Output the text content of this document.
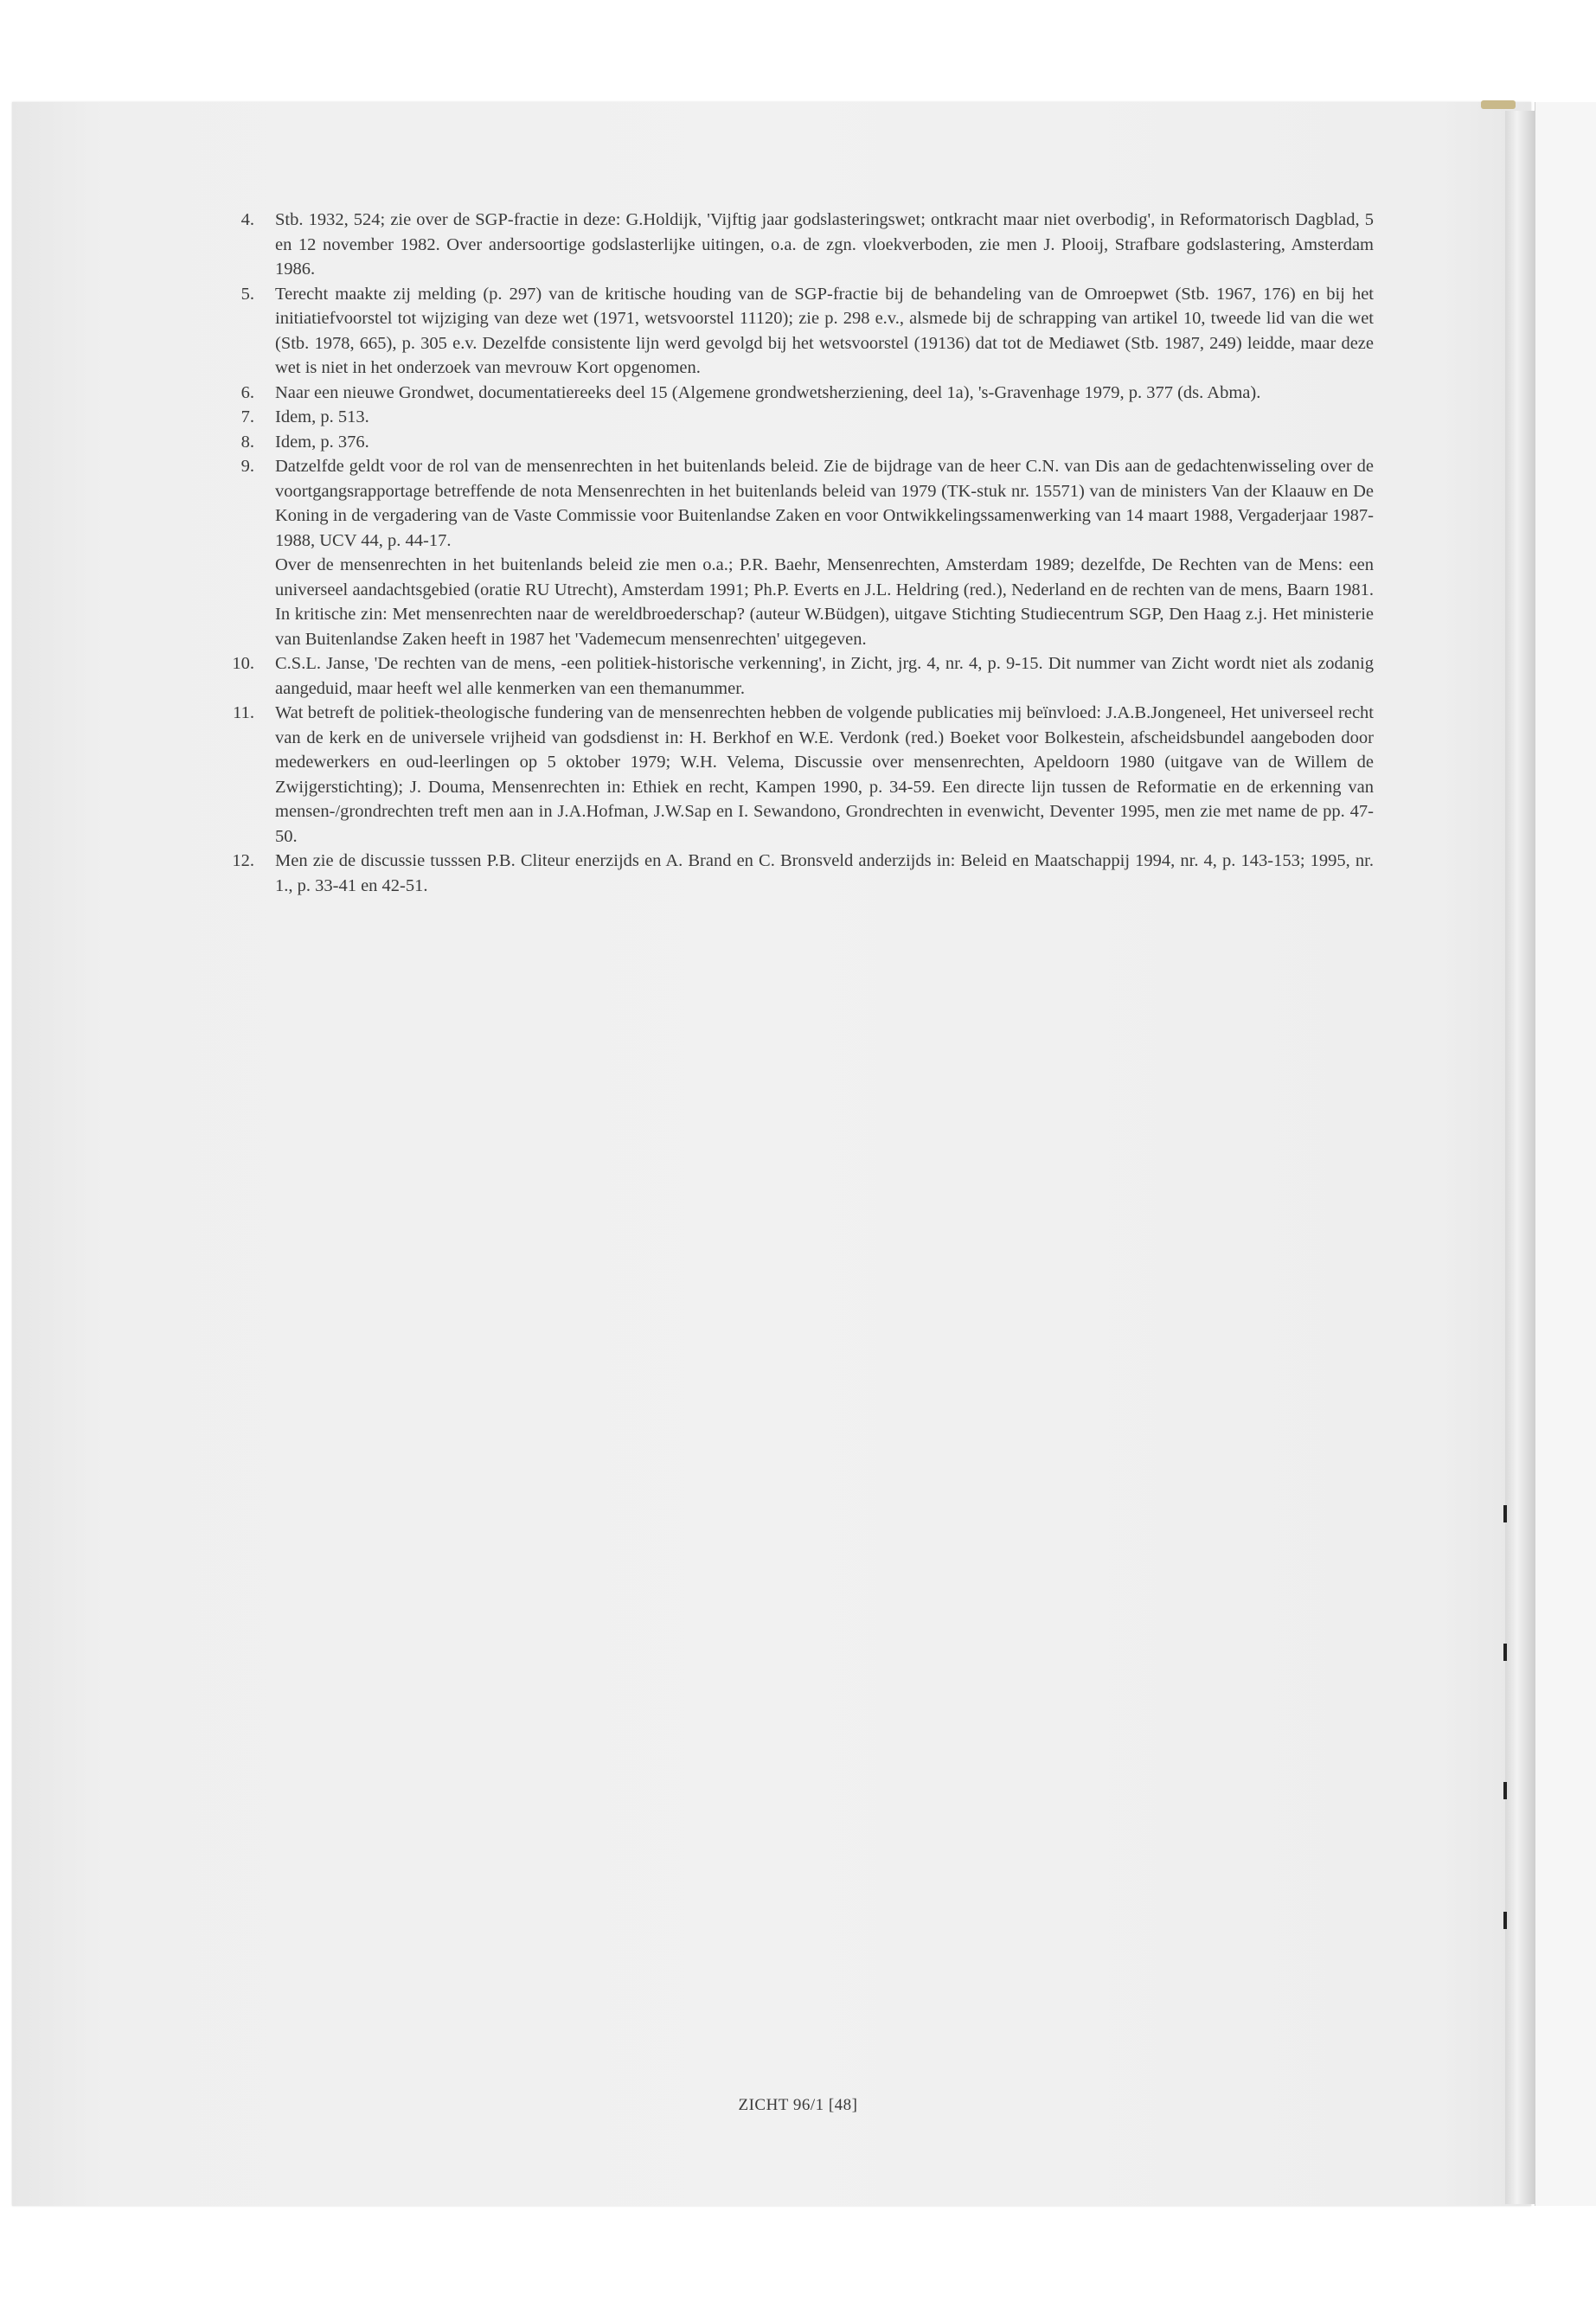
4. Stb. 1932, 524; zie over de SGP-fractie in deze: G.Holdijk, 'Vijftig jaar godslasteringswet; ontkracht maar niet overbodig', in Reformatorisch Dagblad, 5 en 12 november 1982. Over andersoortige godslasterlijke uitingen, o.a. de zgn. vloekverboden, zie men J. Plooij, Strafbare godslastering, Amsterdam 1986.
5. Terecht maakte zij melding (p. 297) van de kritische houding van de SGP-fractie bij de behandeling van de Omroepwet (Stb. 1967, 176) en bij het initiatiefvoorstel tot wijziging van deze wet (1971, wetsvoorstel 11120); zie p. 298 e.v., alsmede bij de schrapping van artikel 10, tweede lid van die wet (Stb. 1978, 665), p. 305 e.v. Dezelfde consistente lijn werd gevolgd bij het wetsvoorstel (19136) dat tot de Mediawet (Stb. 1987, 249) leidde, maar deze wet is niet in het onderzoek van mevrouw Kort opgenomen.
6. Naar een nieuwe Grondwet, documentatiereeks deel 15 (Algemene grondwetsherziening, deel 1a), 's-Gravenhage 1979, p. 377 (ds. Abma).
7. Idem, p. 513.
8. Idem, p. 376.
9. Datzelfde geldt voor de rol van de mensenrechten in het buitenlands beleid. Zie de bijdrage van de heer C.N. van Dis aan de gedachtenwisseling over de voortgangsrapportage betreffende de nota Mensenrechten in het buitenlands beleid van 1979 (TK-stuk nr. 15571) van de ministers Van der Klaauw en De Koning in de vergadering van de Vaste Commissie voor Buitenlandse Zaken en voor Ontwikkelingssamenwerking van 14 maart 1988, Vergaderjaar 1987-1988, UCV 44, p. 44-17.
Over de mensenrechten in het buitenlands beleid zie men o.a.; P.R. Baehr, Mensenrechten, Amsterdam 1989; dezelfde, De Rechten van de Mens: een universeel aandachtsgebied (oratie RU Utrecht), Amsterdam 1991; Ph.P. Everts en J.L. Heldring (red.), Nederland en de rechten van de mens, Baarn 1981. In kritische zin: Met mensenrechten naar de wereldbroederschap? (auteur W.Büdgen), uitgave Stichting Studiecentrum SGP, Den Haag z.j. Het ministerie van Buitenlandse Zaken heeft in 1987 het 'Vademecum mensenrechten' uitgegeven.
10. C.S.L. Janse, 'De rechten van de mens, -een politiek-historische verkenning', in Zicht, jrg. 4, nr. 4, p. 9-15. Dit nummer van Zicht wordt niet als zodanig aangeduid, maar heeft wel alle kenmerken van een themanummer.
11. Wat betreft de politiek-theologische fundering van de mensenrechten hebben de volgende publicaties mij beïnvloed: J.A.B.Jongeneel, Het universeel recht van de kerk en de universele vrijheid van godsdienst in: H. Berkhof en W.E. Verdonk (red.) Boeket voor Bolkestein, afscheidsbundel aangeboden door medewerkers en oud-leerlingen op 5 oktober 1979; W.H. Velema, Discussie over mensenrechten, Apeldoorn 1980 (uitgave van de Willem de Zwijgerstichting); J. Douma, Mensenrechten in: Ethiek en recht, Kampen 1990, p. 34-59. Een directe lijn tussen de Reformatie en de erkenning van mensen-/grondrechten treft men aan in J.A.Hofman, J.W.Sap en I. Sewandono, Grondrechten in evenwicht, Deventer 1995, men zie met name de pp. 47-50.
12. Men zie de discussie tusssen P.B. Cliteur enerzijds en A. Brand en C. Bronsveld anderzijds in: Beleid en Maatschappij 1994, nr. 4, p. 143-153; 1995, nr. 1., p. 33-41 en 42-51.
ZICHT 96/1 [48]
